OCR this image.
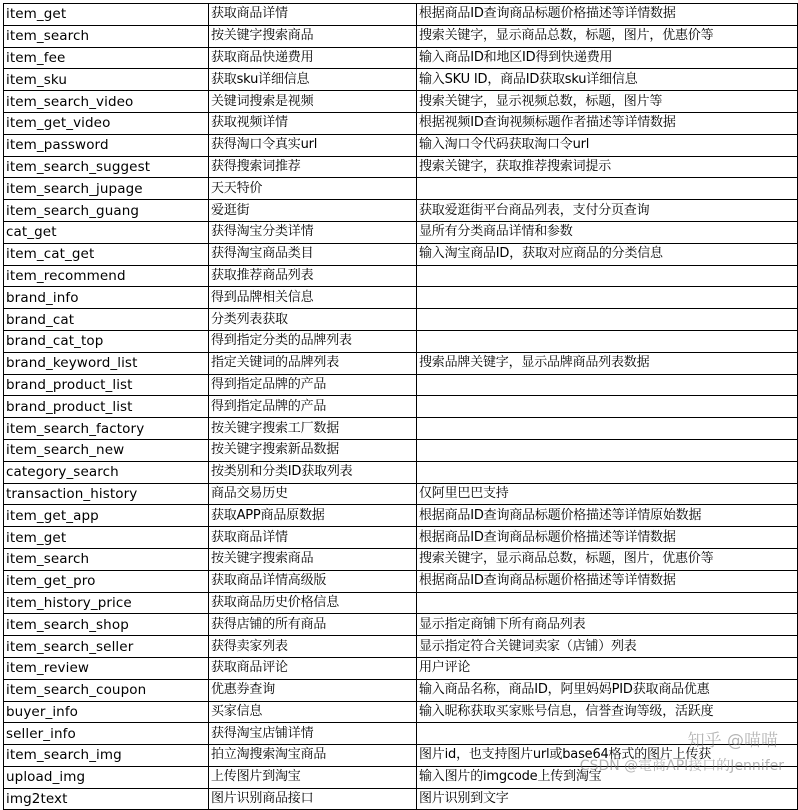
item_get	获取商品详情	根据商品ID查询商品标题价格描述等详情数据
item_search	按关键字搜索商品	搜索关键字，显示商品总数，标题，图片，优惠价等
item_fee	获取商品快递费用	输入商品ID和地区ID得到快递费用
item_sku	获取sku详细信息	输入SKU ID，商品ID获取sku详细信息
item_search_video	关键词搜索是视频	搜索关键字，显示视频总数，标题，图片等
item_get_video	获取视频详情	根据视频ID查询视频标题作者描述等详情数据
item_password	获得淘口令真实url	输入淘口令代码获取淘口令url
item_search_suggest	获得搜索词推荐	搜索关键字，获取推荐搜索词提示
item_search_jupage	天天特价	
item_search_guang	爱逛街	获取爱逛街平台商品列表，支付分页查询
cat_get	获得淘宝分类详情	显所有分类商品详情和参数
item_cat_get	获得淘宝商品类目	输入淘宝商品ID，获取对应商品的分类信息
item_recommend	获取推荐商品列表	
brand_info	得到品牌相关信息	
brand_cat	分类列表获取	
brand_cat_top	得到指定分类的品牌列表	
brand_keyword_list	指定关键词的品牌列表	搜索品牌关键字，显示品牌商品列表数据
brand_product_list	得到指定品牌的产品	
brand_product_list	得到指定品牌的产品	
item_search_factory	按关键字搜索工厂数据	
item_search_new	按关键字搜索新品数据	
category_search	按类别和分类ID获取列表	
transaction_history	商品交易历史	仅阿里巴巴支持
item_get_app	获取APP商品原数据	根据商品ID查询商品标题价格描述等详情原始数据
item_get	获取商品详情	根据商品ID查询商品标题价格描述等详情数据
item_search	按关键字搜索商品	搜索关键字，显示商品总数，标题，图片，优惠价等
item_get_pro	获取商品详情高级版	根据商品ID查询商品标题价格描述等详情数据
item_history_price	获取商品历史价格信息	
item_search_shop	获得店铺的所有商品	显示指定商铺下所有商品列表
item_search_seller	获得卖家列表	显示指定符合关键词卖家（店铺）列表
item_review	获取商品评论	用户评论
item_search_coupon	优惠券查询	输入商品名称，商品ID，阿里妈妈PID获取商品优惠
buyer_info	买家信息	输入昵称获取买家账号信息，信誉查询等级，活跃度
seller_info	获得淘宝店铺详情	
item_search_img	拍立淘搜索淘宝商品	图片id，也支持图片url或base64格式的图片上传获
upload_img	上传图片到淘宝	输入图片的imgcode上传到淘宝
img2text	图片识别商品接口	图片识别到文字
知乎 @喵喵
CSDN @電商API接口的Jennifer
